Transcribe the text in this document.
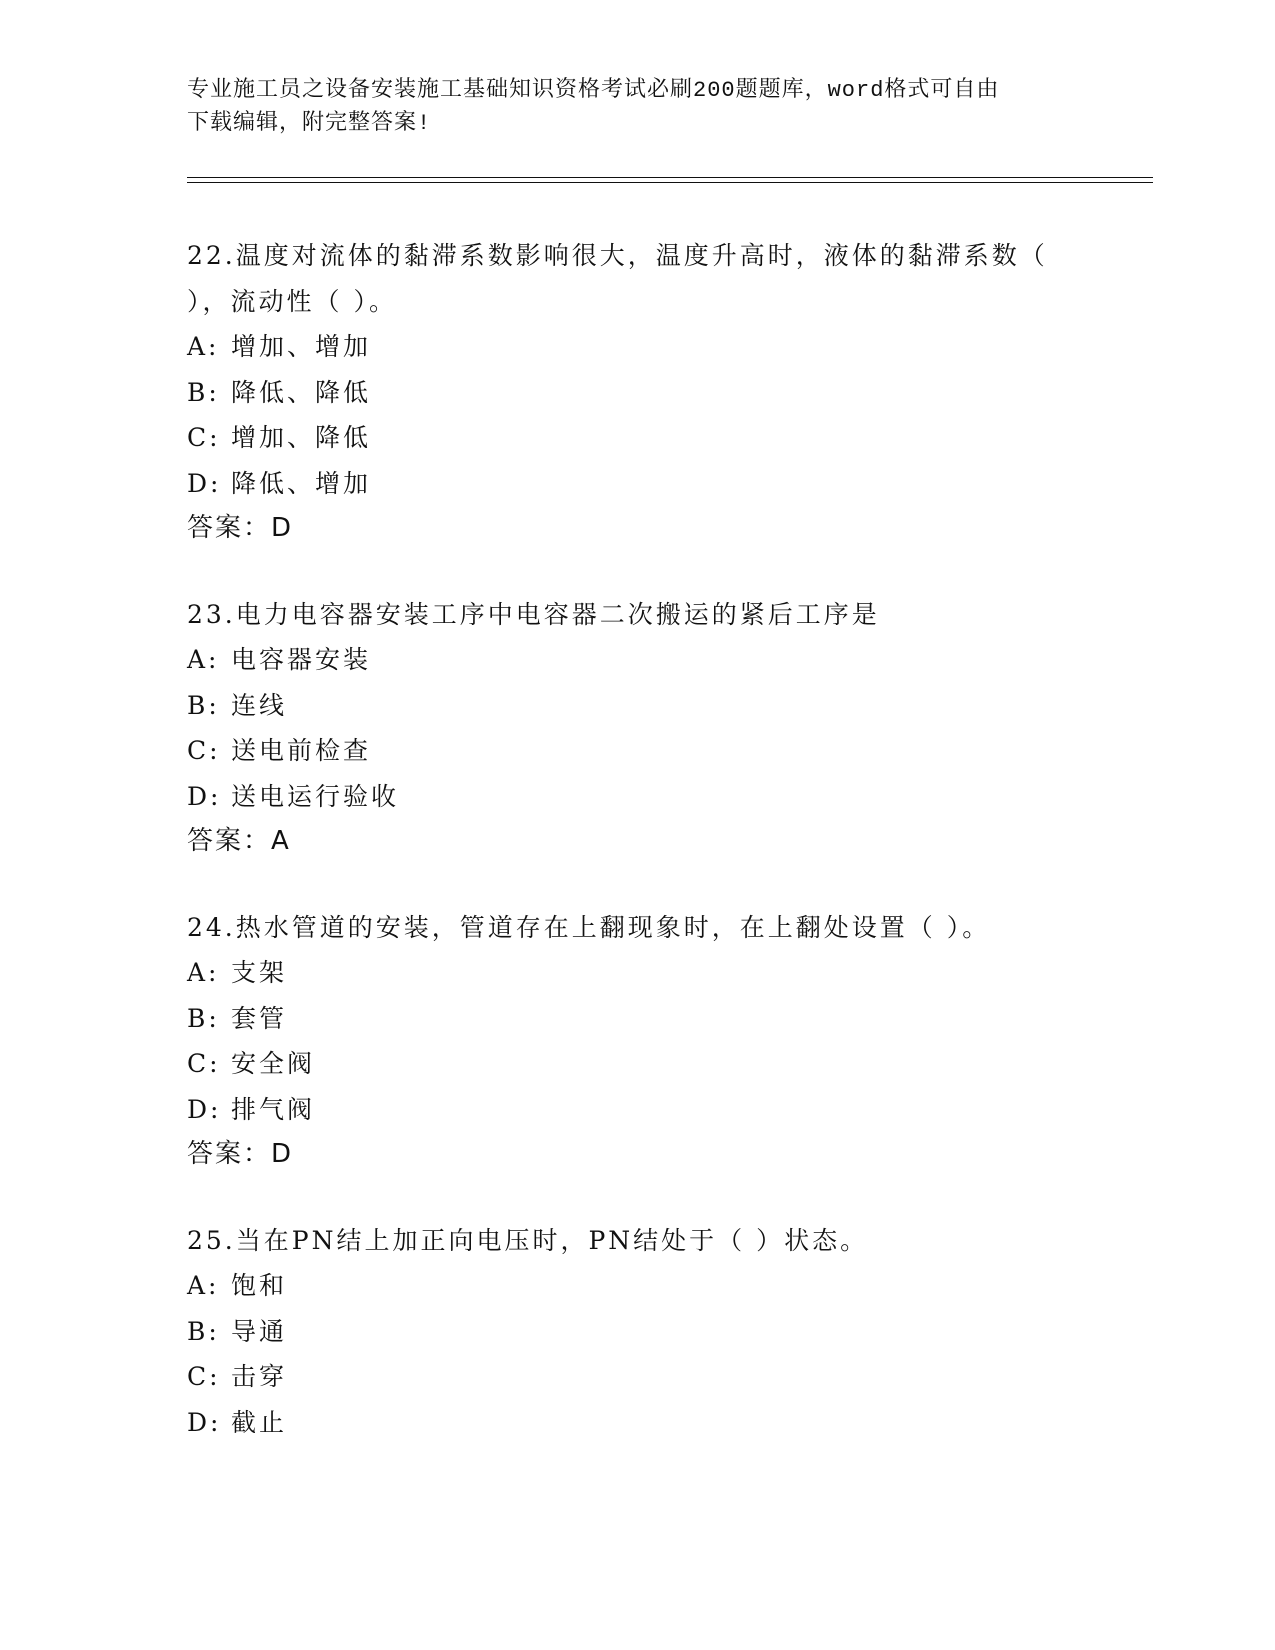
专业施工员之设备安装施工基础知识资格考试必刷200题题库，word格式可自由
下载编辑，附完整答案!
22.温度对流体的黏滞系数影响很大，温度升高时，液体的黏滞系数（
），流动性（ ）。
A: 增加、增加
B: 降低、降低
C: 增加、降低
D: 降低、增加
答案：D
23.电力电容器安装工序中电容器二次搬运的紧后工序是
A: 电容器安装
B: 连线
C: 送电前检查
D: 送电运行验收
答案：A
24.热水管道的安装，管道存在上翻现象时，在上翻处设置（ ）。
A: 支架
B: 套管
C: 安全阀
D: 排气阀
答案：D
25.当在PN结上加正向电压时，PN结处于（ ）状态。
A: 饱和
B: 导通
C: 击穿
D: 截止
